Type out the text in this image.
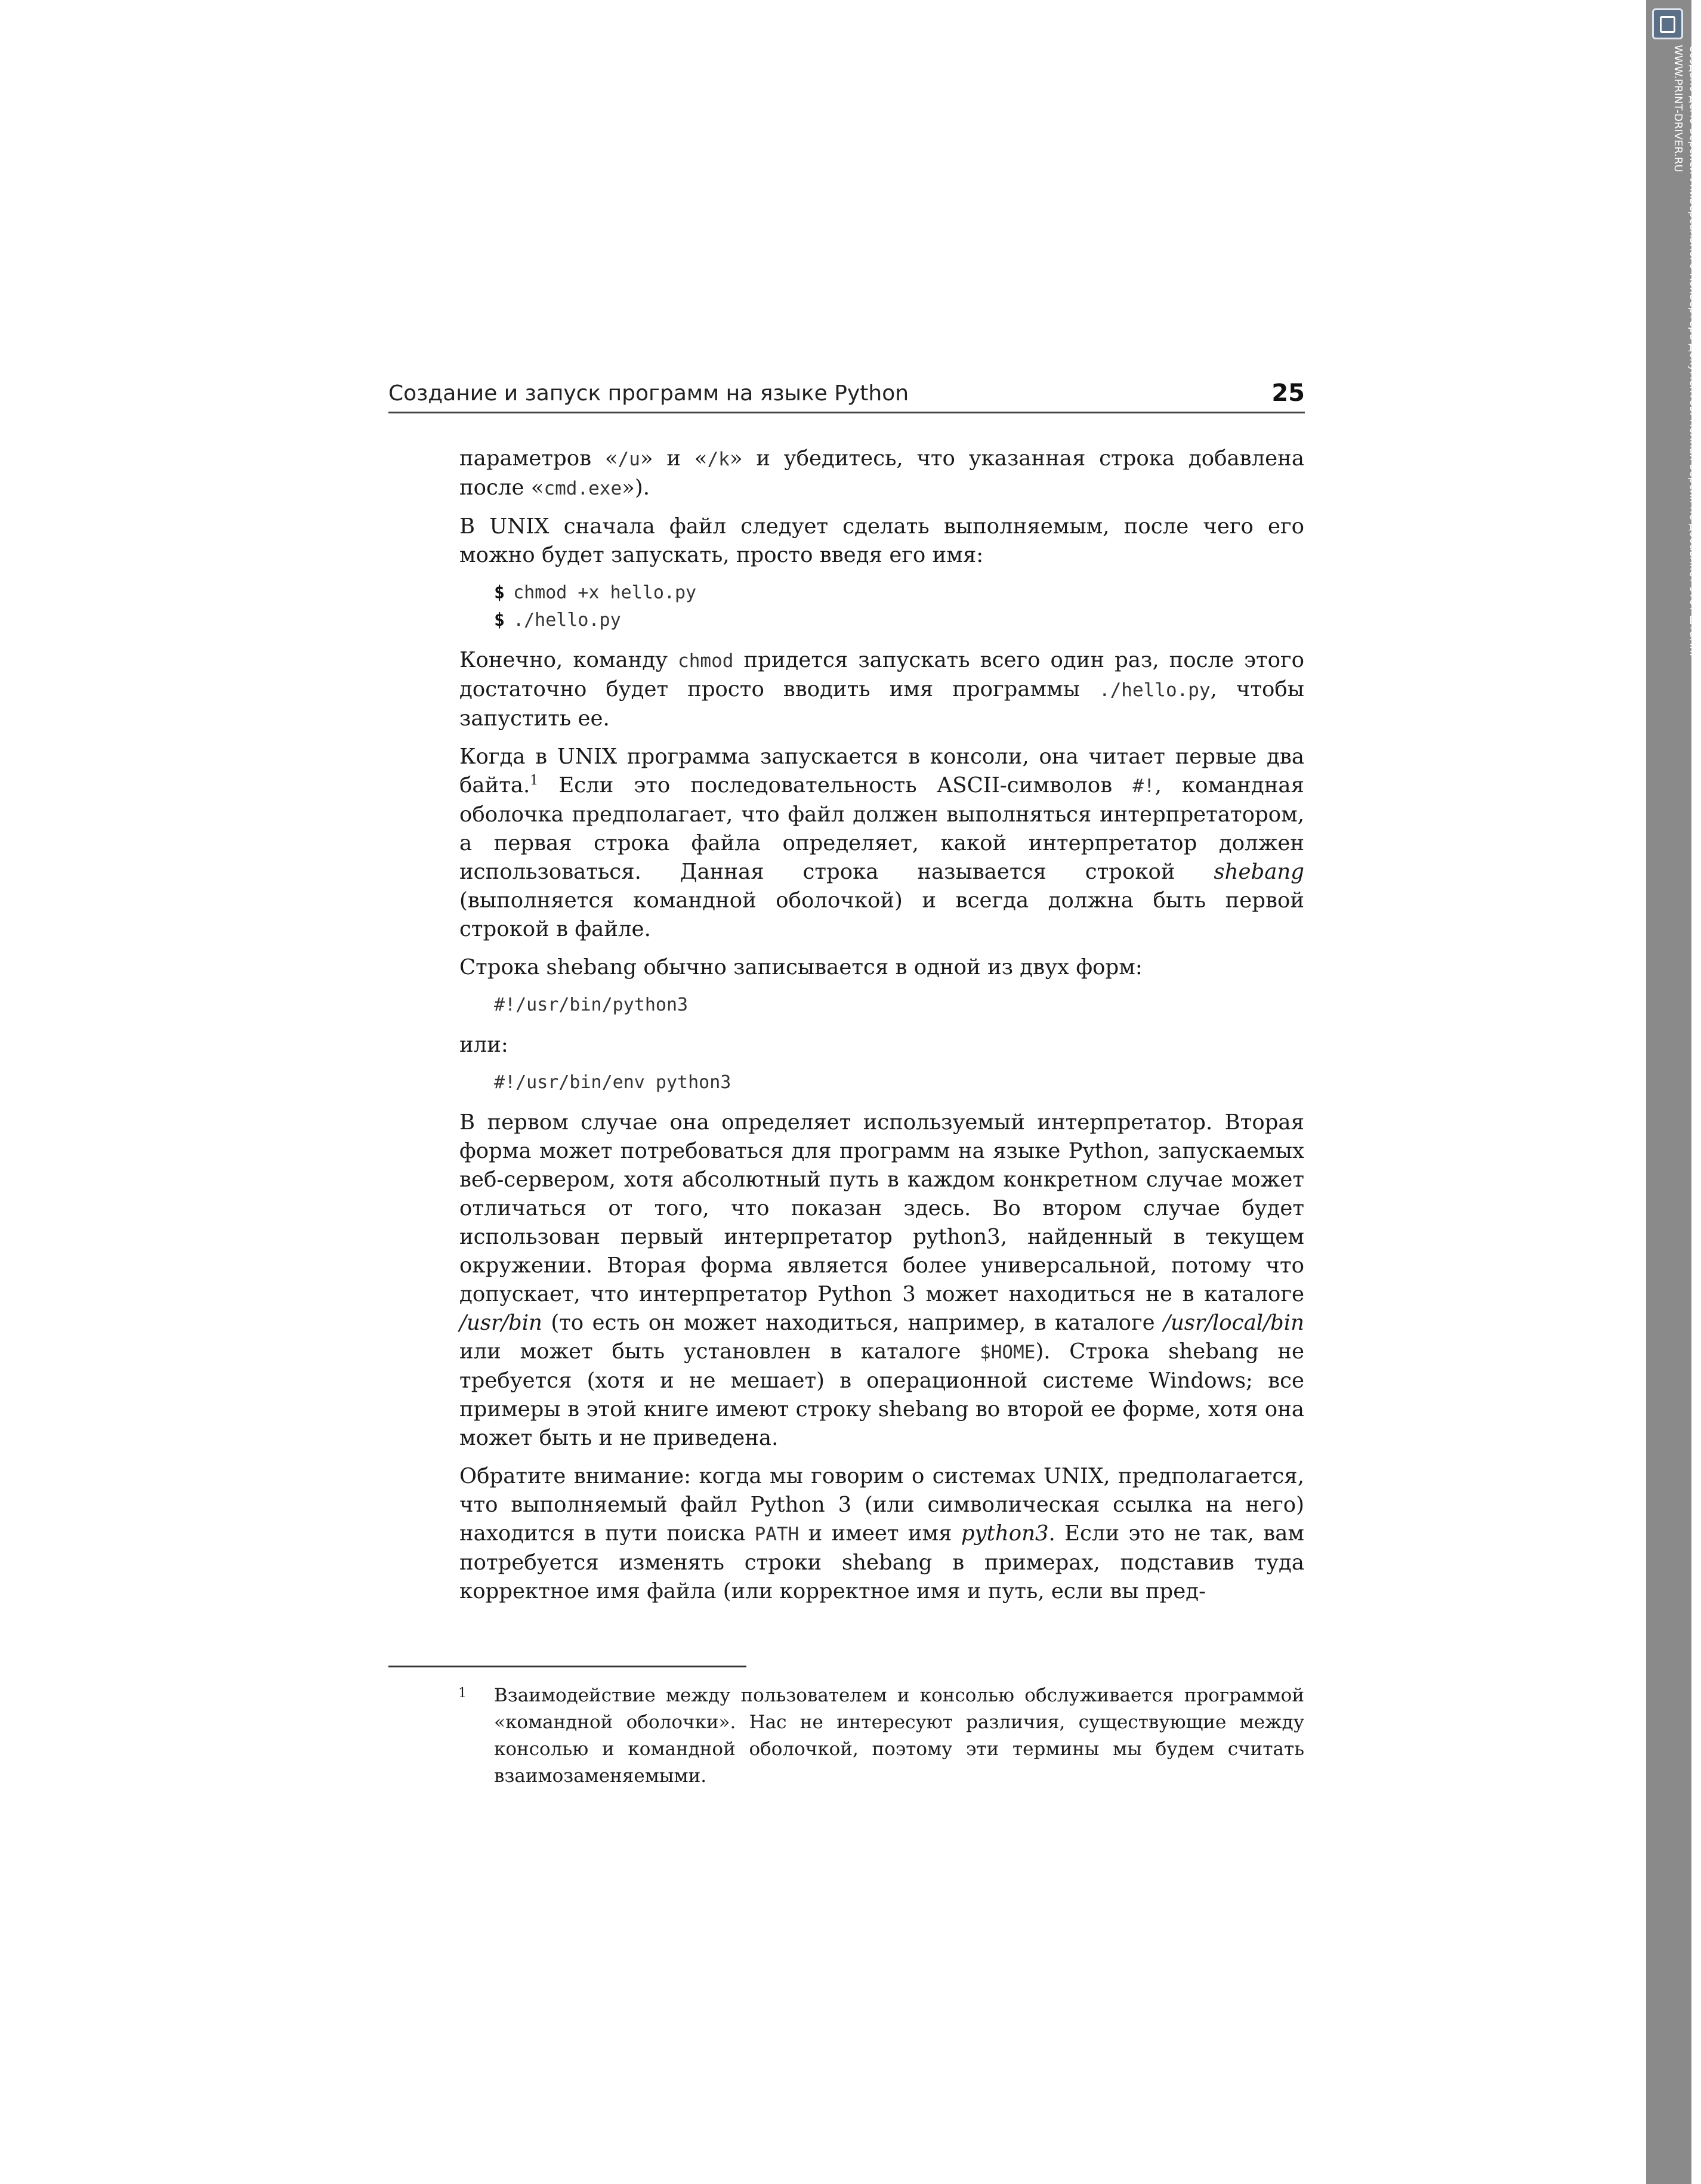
Создание и запуск программ на языке Python	25

параметров «/u» и «/k» и убедитесь, что указанная строка добавлена после «cmd.exe»).

В UNIX сначала файл следует сделать выполняемым, после чего его можно будет запускать, просто введя его имя:

$ chmod +x hello.py
$ ./hello.py

Конечно, команду chmod придется запускать всего один раз, после этого достаточно будет просто вводить имя программы ./hello.py, чтобы запустить ее.

Когда в UNIX программа запускается в консоли, она читает первые два байта.$^1$ Если это последовательность ASCII-символов #!, командная оболочка предполагает, что файл должен выполняться интерпретатором, а первая строка файла определяет, какой интерпретатор должен использоваться. Данная строка называется строкой shebang (выполняется командной оболочкой) и всегда должна быть первой строкой в файле.

Строка shebang обычно записывается в одной из двух форм:

#!/usr/bin/python3

или:

#!/usr/bin/env python3

В первом случае она определяет используемый интерпретатор. Вторая форма может потребоваться для программ на языке Python, запускаемых веб-сервером, хотя абсолютный путь в каждом конкретном случае может отличаться от того, что показан здесь. Во втором случае будет использован первый интерпретатор python3, найденный в текущем окружении. Вторая форма является более универсальной, потому что допускает, что интерпретатор Python 3 может находиться не в каталоге /usr/bin (то есть он может находиться, например, в каталоге /usr/local/bin или может быть установлен в каталоге $HOME). Строка shebang не требуется (хотя и не мешает) в операционной системе Windows; все примеры в этой книге имеют строку shebang во второй ее форме, хотя она может быть и не приведена.

Обратите внимание: когда мы говорим о системах UNIX, предполагается, что выполняемый файл Python 3 (или символическая ссылка на него) находится в пути поиска PATH и имеет имя python3. Если это не так, вам потребуется изменять строки shebang в примерах, подставив туда корректное имя файла (или корректное имя и путь, если вы пред-

1 Взаимодействие между пользователем и консолью обслуживается программой «командной оболочки». Нас не интересуют различия, существующие между консолью и командной оболочкой, поэтому эти термины мы будем считать взаимозаменяемыми.
Создано демо-версией Универсального Конвертера Документов. Полная версия не добавляет этот штамп.
WWW.PRINT-DRIVER.RU
